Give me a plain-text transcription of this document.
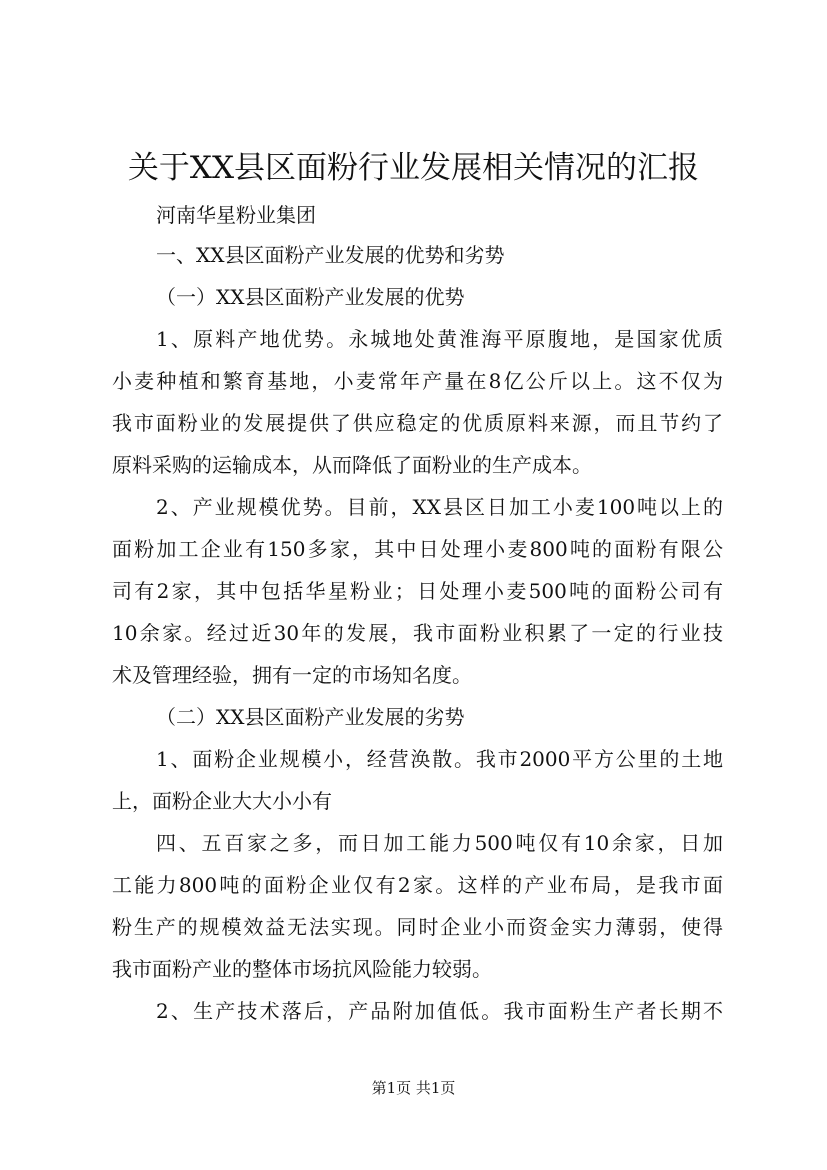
关于XX县区面粉行业发展相关情况的汇报
河南华星粉业集团
一、XX县区面粉产业发展的优势和劣势
（一）XX县区面粉产业发展的优势
1、原料产地优势。永城地处黄淮海平原腹地，是国家优质
小麦种植和繁育基地，小麦常年产量在8亿公斤以上。这不仅为
我市面粉业的发展提供了供应稳定的优质原料来源，而且节约了
原料采购的运输成本，从而降低了面粉业的生产成本。
2、产业规模优势。目前，XX县区日加工小麦100吨以上的
面粉加工企业有150多家，其中日处理小麦800吨的面粉有限公
司有2家，其中包括华星粉业；日处理小麦500吨的面粉公司有
10余家。经过近30年的发展，我市面粉业积累了一定的行业技
术及管理经验，拥有一定的市场知名度。
（二）XX县区面粉产业发展的劣势
1、面粉企业规模小，经营涣散。我市2000平方公里的土地
上，面粉企业大大小小有
四、五百家之多，而日加工能力500吨仅有10余家，日加
工能力800吨的面粉企业仅有2家。这样的产业布局，是我市面
粉生产的规模效益无法实现。同时企业小而资金实力薄弱，使得
我市面粉产业的整体市场抗风险能力较弱。
2、生产技术落后，产品附加值低。我市面粉生产者长期不
第1页 共1页
